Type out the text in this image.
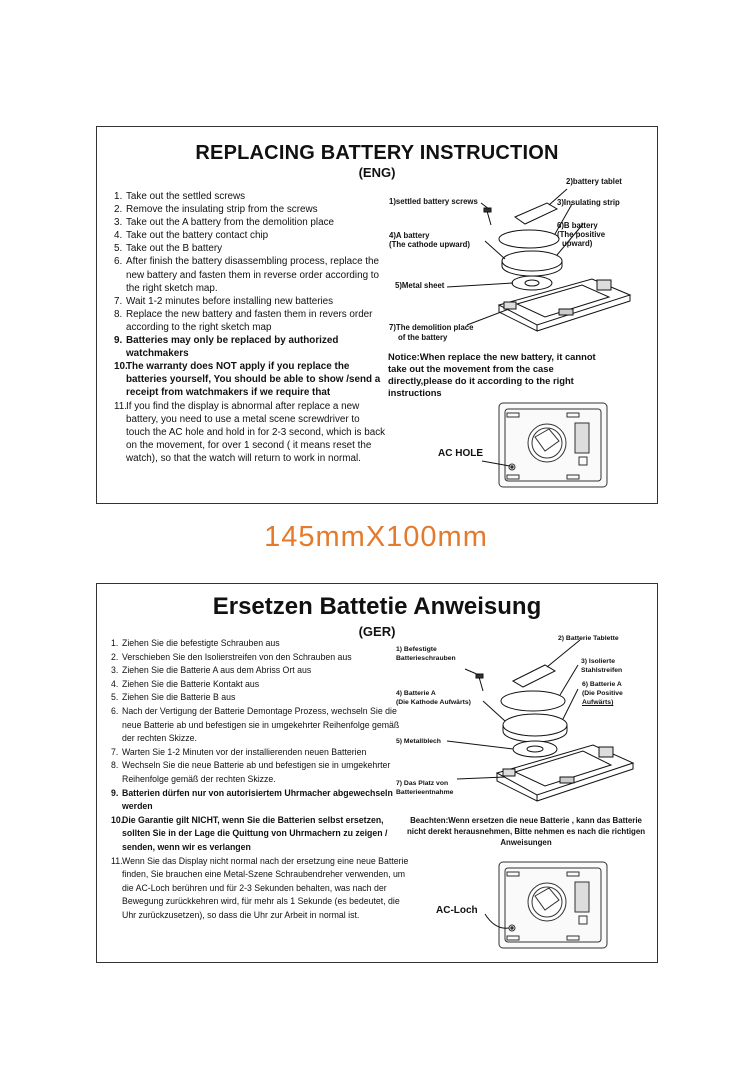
REPLACING BATTERY INSTRUCTION
(ENG)
1. Take out the settled screws
2. Remove the insulating strip from the screws
3. Take out the A battery from the demolition place
4. Take out the battery contact chip
5. Take out the B battery
6. After finish the battery disassembling process, replace the new battery and fasten them in reverse order according to the right sketch map.
7. Wait 1-2 minutes before installing new batteries
8. Replace the new battery and fasten them in revers order according to the right sketch map
9. Batteries may only be replaced by authorized watchmakers
10.
The warranty does NOT apply if you replace the batteries yourself, You should be able to show /send a receipt from watchmakers if we require that
11. If you find the display is abnormal after replace a new battery, you need to use a metal scene screwdriver to touch the AC hole and hold in for 2-3 second, which is back on the movement, for over 1 second ( it means reset the watch), so that the watch will return to work in normal.
2)battery tablet
1)settled battery screws	3)Insulating strip
6)B battery
(The positive
upward)
4)A battery
(The cathode upward)
5)Metal sheet
7)The demolition place
of the battery
Notice:When replace the new battery, it cannot take out the movement from the case directly,please do it according to the right instructions
AC HOLE
145mmX100mm
Ersetzen Battetie Anweisung
(GER)
1. Ziehen Sie die befestigte Schrauben aus
2. Verschieben Sie den Isolierstreifen von den Schrauben aus
3. Ziehen Sie die Batterie A aus dem Abriss Ort aus
4. Ziehen Sie die Batterie Kontakt aus
5. Ziehen Sie die Batterie B aus
6. Nach der Vertigung der Batterie Demontage Prozess, wechseln Sie die neue Batterie ab und befestigen sie in umgekehrter Reihenfolge gemäß der rechten Skizze.
7. Warten Sie 1-2 Minuten vor der installierenden neuen Batterien
8. Wechseln Sie die neue Batterie ab und befestigen sie in umgekehrter Reihenfolge gemäß der rechten Skizze.
9. Batterien dürfen nur von autorisiertem Uhrmacher abgewechseln werden
10.
Die Garantie gilt NICHT, wenn Sie die Batterien selbst ersetzen, sollten Sie in der Lage die Quittung von Uhrmachern zu zeigen / senden, wenn wir es verlangen
11. Wenn Sie das Display nicht normal nach der ersetzung eine neue Batterie finden, Sie brauchen eine Metal-Szene Schraubendreher verwenden, um die AC-Loch berühren und für 2-3 Sekunden behalten, was nach der Bewegung zurückkehren wird, für mehr als 1 Sekunde (es bedeutet, die Uhr zurückzusetzen), so dass die Uhr zur Arbeit in normal ist.
2) Batterie Tablette
1) Befestigte
Batterieschrauben	3) Isolierte
Stahlstreifen
6) Batterie A
(Die Positive
Aufwärts)
4) Batterie A
(Die Kathode Aufwärts)
5) Metallblech
7) Das Platz von
Batterieentnahme
Beachten:Wenn ersetzen die neue Batterie , kann das Batterie nicht derekt herausnehmen, Bitte nehmen es nach die richtigen Anweisungen
AC-Loch
